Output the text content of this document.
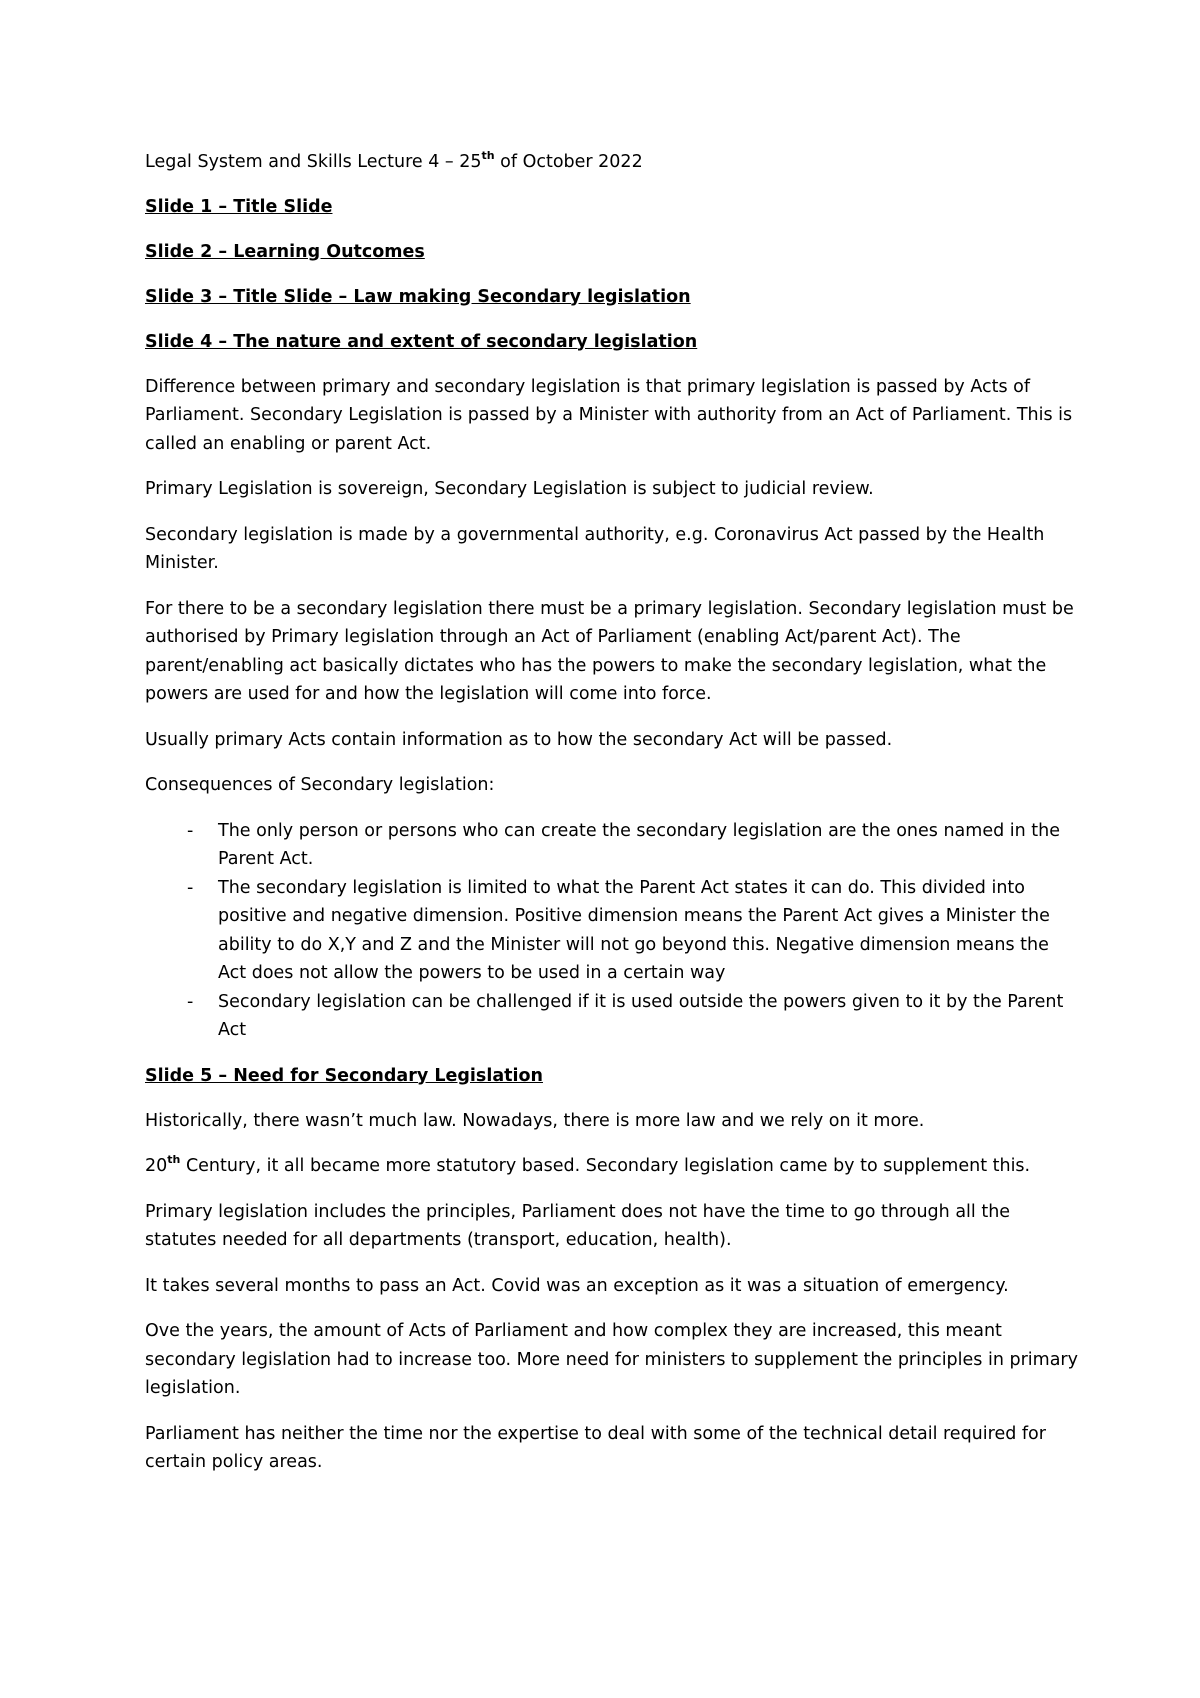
Legal System and Skills Lecture 4 – 25th of October 2022

Slide 1 – Title Slide

Slide 2 – Learning Outcomes

Slide 3 – Title Slide – Law making Secondary legislation

Slide 4 – The nature and extent of secondary legislation

Difference between primary and secondary legislation is that primary legislation is passed by Acts of Parliament. Secondary Legislation is passed by a Minister with authority from an Act of Parliament. This is called an enabling or parent Act.

Primary Legislation is sovereign, Secondary Legislation is subject to judicial review.

Secondary legislation is made by a governmental authority, e.g. Coronavirus Act passed by the Health Minister.

For there to be a secondary legislation there must be a primary legislation. Secondary legislation must be authorised by Primary legislation through an Act of Parliament (enabling Act/parent Act). The parent/enabling act basically dictates who has the powers to make the secondary legislation, what the powers are used for and how the legislation will come into force.

Usually primary Acts contain information as to how the secondary Act will be passed.

Consequences of Secondary legislation:

- The only person or persons who can create the secondary legislation are the ones named in the Parent Act.
- The secondary legislation is limited to what the Parent Act states it can do. This divided into positive and negative dimension. Positive dimension means the Parent Act gives a Minister the ability to do X,Y and Z and the Minister will not go beyond this. Negative dimension means the Act does not allow the powers to be used in a certain way
- Secondary legislation can be challenged if it is used outside the powers given to it by the Parent Act

Slide 5 – Need for Secondary Legislation

Historically, there wasn’t much law. Nowadays, there is more law and we rely on it more.

20th Century, it all became more statutory based. Secondary legislation came by to supplement this.

Primary legislation includes the principles, Parliament does not have the time to go through all the statutes needed for all departments (transport, education, health).

It takes several months to pass an Act. Covid was an exception as it was a situation of emergency.

Ove the years, the amount of Acts of Parliament and how complex they are increased, this meant secondary legislation had to increase too. More need for ministers to supplement the principles in primary legislation.

Parliament has neither the time nor the expertise to deal with some of the technical detail required for certain policy areas.
